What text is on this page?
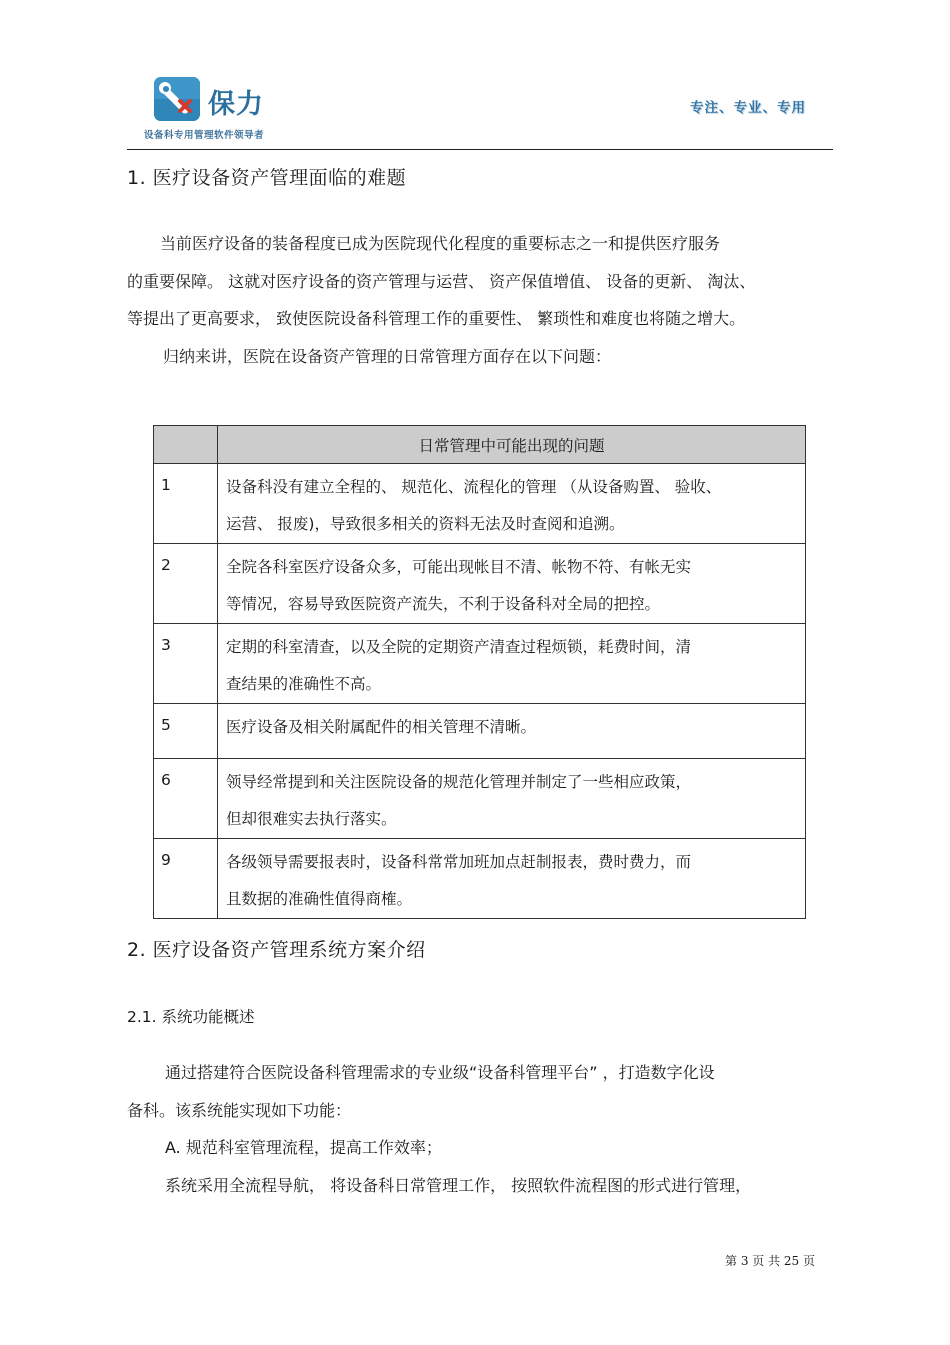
保力
设备科专用管理软件领导者
专注、专业、专用
1. 医疗设备资产管理面临的难题
当前医疗设备的装备程度已成为医院现代化程度的重要标志之一和提供医疗服务
的重要保障。 这就对医疗设备的资产管理与运营、 资产保值增值、 设备的更新、 淘汰、
等提出了更高要求， 致使医院设备科管理工作的重要性、 繁琐性和难度也将随之增大。
归纳来讲，医院在设备资产管理的日常管理方面存在以下问题：
	日常管理中可能出现的问题
1	设备科没有建立全程的、 规范化、流程化的管理 （从设备购置、 验收、
运营、 报废)，导致很多相关的资料无法及时查阅和追溯。

2	全院各科室医疗设备众多，可能出现帐目不清、帐物不符、有帐无实
等情况，容易导致医院资产流失，不利于设备科对全局的把控。

3	定期的科室清查，以及全院的定期资产清查过程烦锁，耗费时间，清
查结果的准确性不高。

5	医疗设备及相关附属配件的相关管理不清晰。

6	领导经常提到和关注医院设备的规范化管理并制定了一些相应政策，
但却很难实去执行落实。

9	各级领导需要报表时，设备科常常加班加点赶制报表，费时费力，而
且数据的准确性值得商榷。
2. 医疗设备资产管理系统方案介绍
2.1. 系统功能概述
通过搭建符合医院设备科管理需求的专业级“设备科管理平台” ，打造数字化设
备科。该系统能实现如下功能：
A. 规范科室管理流程，提高工作效率；
系统采用全流程导航， 将设备科日常管理工作， 按照软件流程图的形式进行管理，
第 3 页 共 25 页
